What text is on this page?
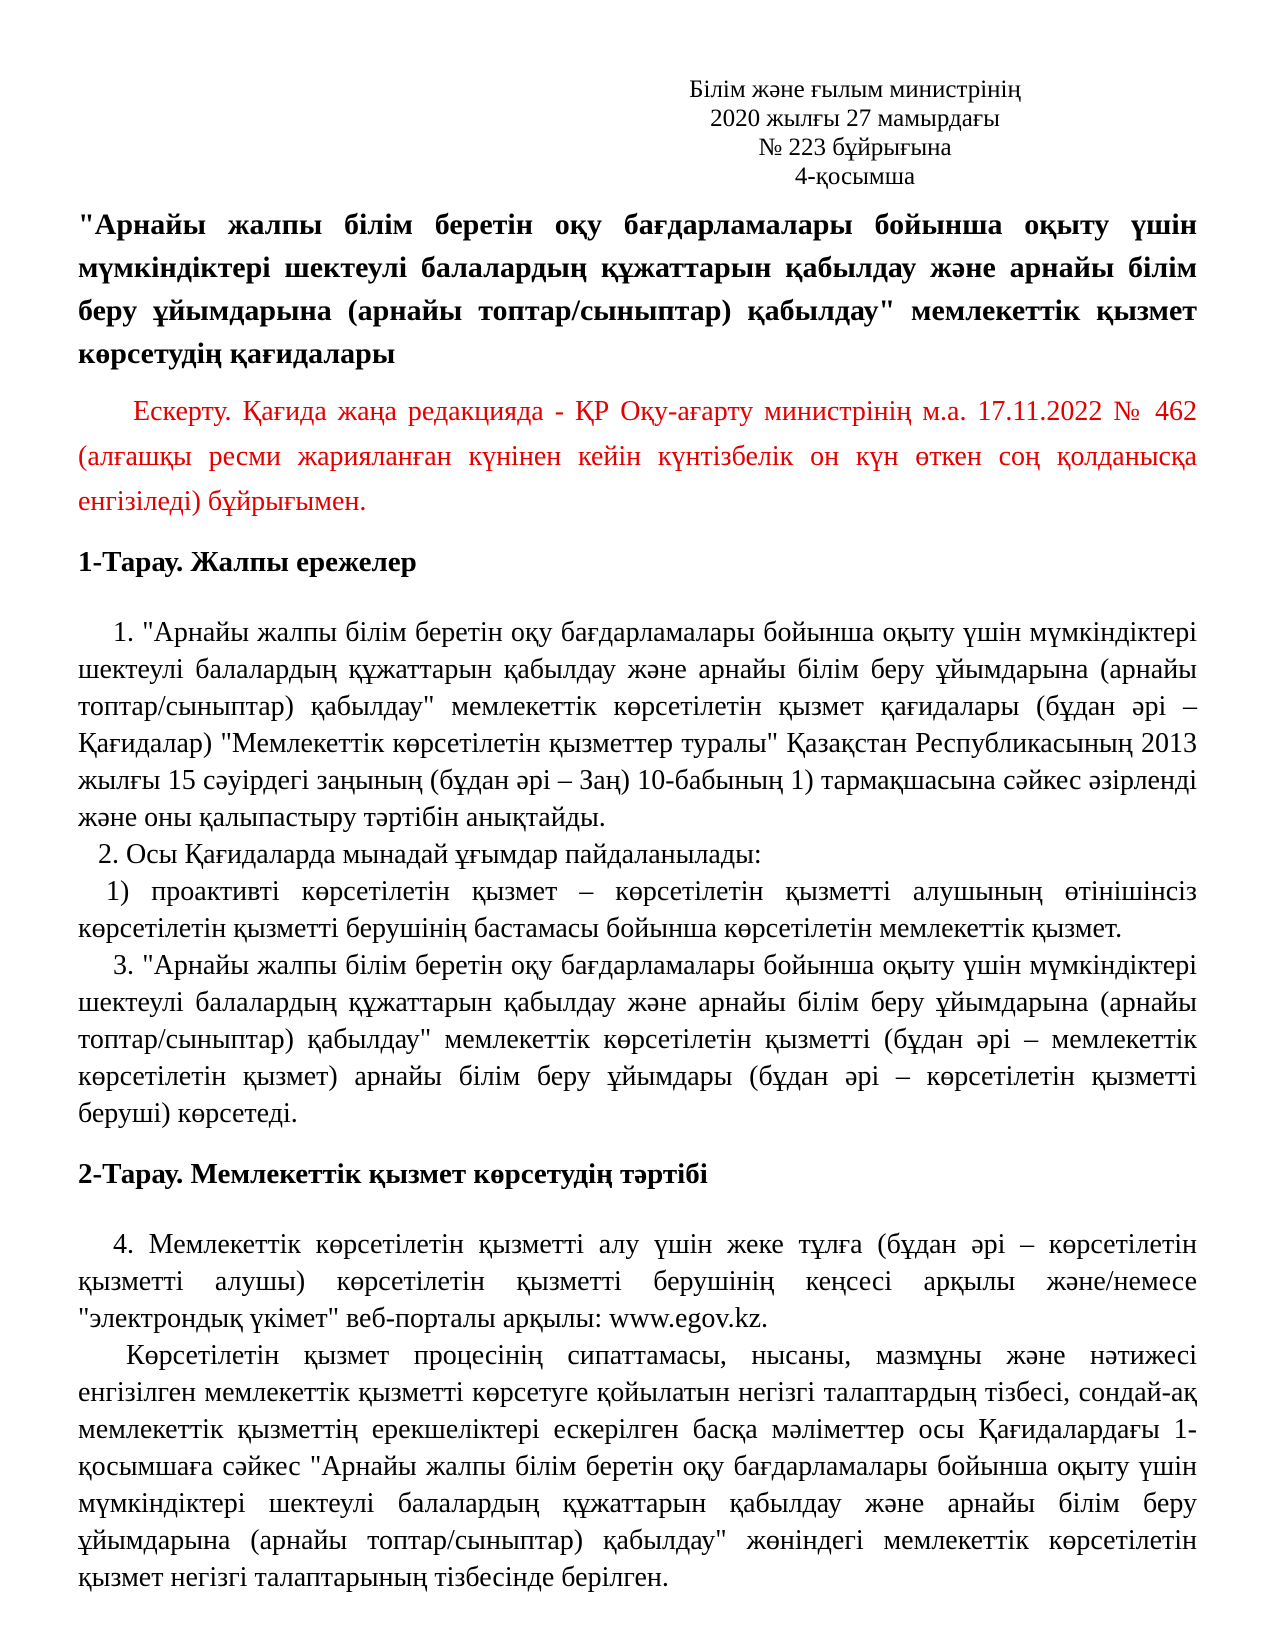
Білім және ғылым министрінің
2020 жылғы 27 мамырдағы
№ 223 бұйрығына
4-қосымша
"Арнайы жалпы білім беретін оқу бағдарламалары бойынша оқыту үшін мүмкіндіктері шектеулі балалардың құжаттарын қабылдау және арнайы білім беру ұйымдарына (арнайы топтар/сыныптар) қабылдау" мемлекеттік қызмет көрсетудің қағидалары

Ескерту. Қағида жаңа редакцияда - ҚР Оқу-ағарту министрінің м.а. 17.11.2022 № 462 (алғашқы ресми жарияланған күнінен кейін күнтізбелік он күн өткен соң қолданысқа енгізіледі) бұйрығымен.

1-Тарау. Жалпы ережелер

1. "Арнайы жалпы білім беретін оқу бағдарламалары бойынша оқыту үшін мүмкіндіктері шектеулі балалардың құжаттарын қабылдау және арнайы білім беру ұйымдарына (арнайы топтар/сыныптар) қабылдау" мемлекеттік көрсетілетін қызмет қағидалары (бұдан әрі – Қағидалар) "Мемлекеттік көрсетілетін қызметтер туралы" Қазақстан Республикасының 2013 жылғы 15 сәуірдегі заңының (бұдан әрі – Заң) 10-бабының 1) тармақшасына сәйкес әзірленді және оны қалыпастыру тәртібін анықтайды.

2. Осы Қағидаларда мынадай ұғымдар пайдаланылады:

1) проактивті көрсетілетін қызмет – көрсетілетін қызметті алушының өтінішінсіз көрсетілетін қызметті берушінің бастамасы бойынша көрсетілетін мемлекеттік қызмет.

3. "Арнайы жалпы білім беретін оқу бағдарламалары бойынша оқыту үшін мүмкіндіктері шектеулі балалардың құжаттарын қабылдау және арнайы білім беру ұйымдарына (арнайы топтар/сыныптар) қабылдау" мемлекеттік көрсетілетін қызметті (бұдан әрі – мемлекеттік көрсетілетін қызмет) арнайы білім беру ұйымдары (бұдан әрі – көрсетілетін қызметті беруші) көрсетеді.

2-Тарау. Мемлекеттік қызмет көрсетудің тәртібі

4. Мемлекеттік көрсетілетін қызметті алу үшін жеке тұлға (бұдан әрі – көрсетілетін қызметті алушы) көрсетілетін қызметті берушінің кеңсесі арқылы және/немесе "электрондық үкімет" веб-порталы арқылы: www.egov.kz.

Көрсетілетін қызмет процесінің сипаттамасы, нысаны, мазмұны және нәтижесі енгізілген мемлекеттік қызметті көрсетуге қойылатын негізгі талаптардың тізбесі, сондай-ақ мемлекеттік қызметтің ерекшеліктері ескерілген басқа мәліметтер осы Қағидалардағы 1-қосымшаға сәйкес "Арнайы жалпы білім беретін оқу бағдарламалары бойынша оқыту үшін мүмкіндіктері шектеулі балалардың құжаттарын қабылдау және арнайы білім беру ұйымдарына (арнайы топтар/сыныптар) қабылдау" жөніндегі мемлекеттік көрсетілетін қызмет негізгі талаптарының тізбесінде берілген.
